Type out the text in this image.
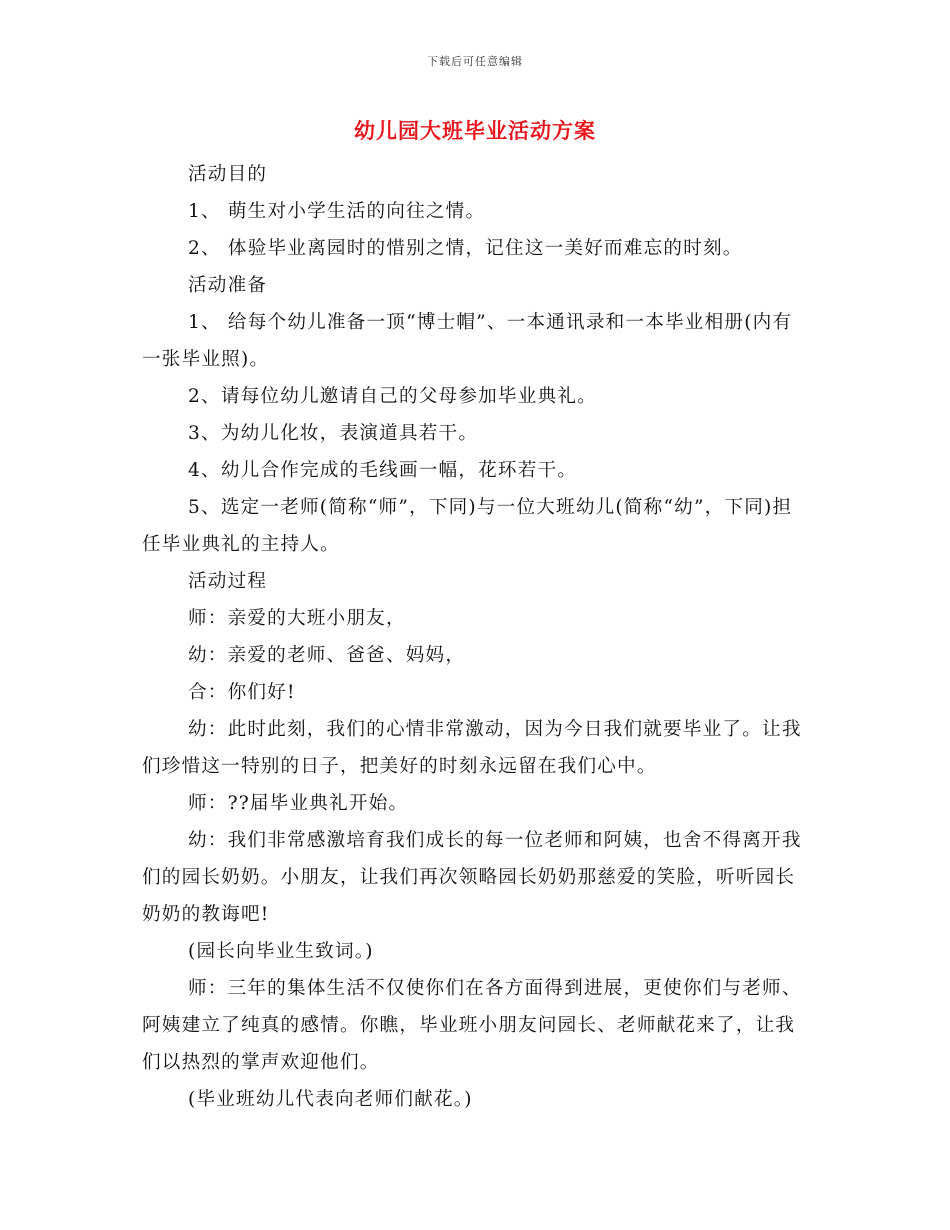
下载后可任意编辑
幼儿园大班毕业活动方案

活动目的

1、 萌生对小学生活的向往之情。

2、 体验毕业离园时的惜别之情，记住这一美好而难忘的时刻。

活动准备

1、 给每个幼儿准备一顶“博士帽”、一本通讯录和一本毕业相册(内有一张毕业照)。

2、请每位幼儿邀请自己的父母参加毕业典礼。

3、为幼儿化妆，表演道具若干。

4、幼儿合作完成的毛线画一幅，花环若干。

5、选定一老师(简称“师”，下同)与一位大班幼儿(简称“幼”，下同)担任毕业典礼的主持人。

活动过程

师：亲爱的大班小朋友，

幼：亲爱的老师、爸爸、妈妈，

合：你们好!

幼：此时此刻，我们的心情非常激动，因为今日我们就要毕业了。让我们珍惜这一特别的日子，把美好的时刻永远留在我们心中。

师：??届毕业典礼开始。

幼：我们非常感激培育我们成长的每一位老师和阿姨，也舍不得离开我们的园长奶奶。小朋友，让我们再次领略园长奶奶那慈爱的笑脸，听听园长奶奶的教诲吧!

(园长向毕业生致词。)

师：三年的集体生活不仅使你们在各方面得到进展，更使你们与老师、阿姨建立了纯真的感情。你瞧，毕业班小朋友问园长、老师献花来了，让我们以热烈的掌声欢迎他们。

(毕业班幼儿代表向老师们献花。)
